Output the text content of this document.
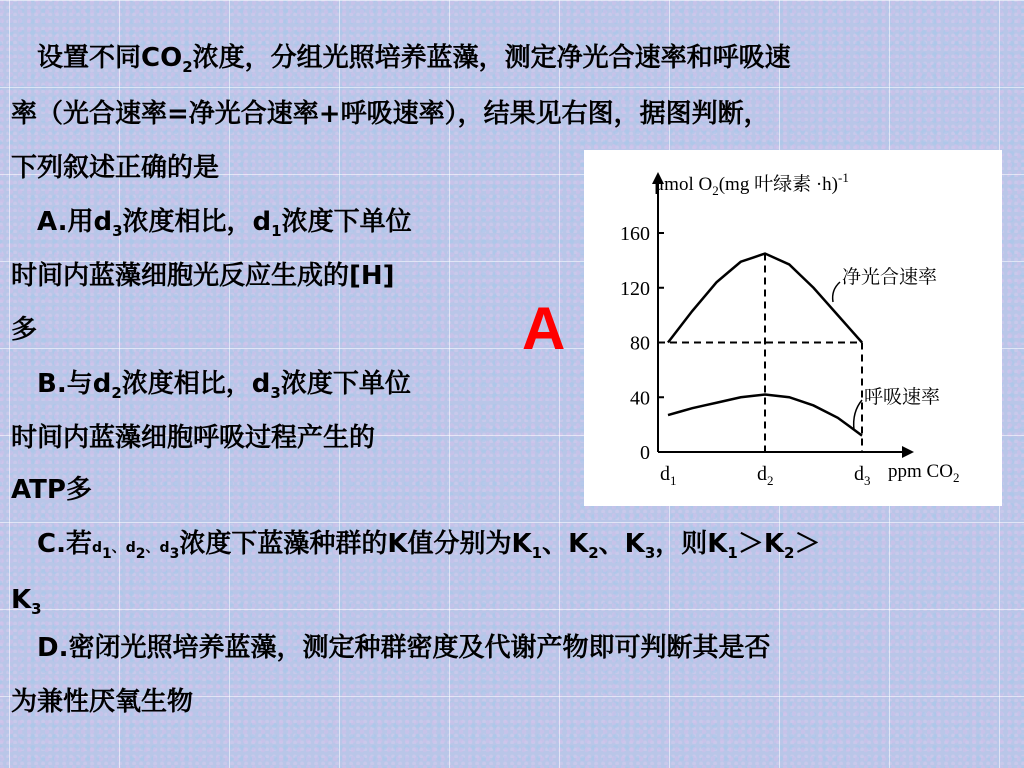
设置不同$CO_2$浓度，分组光照培养蓝藻，测定净光合速率和呼吸速

率（光合速率=净光合速率+呼吸速率），结果见右图，据图判断，

下列叙述正确的是

A.用$d_3$浓度相比，$d_1$浓度下单位

时间内蓝藻细胞光反应生成的[H]

多

B.与$d_2$浓度相比，$d_3$浓度下单位

时间内蓝藻细胞呼吸过程产生的

ATP多

C.若$d_1$、$d_2$、$d_3$浓度下蓝藻种群的K值分别为$K_1$、$K_2$、$K_3$，则$K_1>K_2>$

$K_3$

D.密闭光照培养蓝藻，测定种群密度及代谢产物即可判断其是否

为兼性厌氧生物

A
0
40
80
120
160
$d_1$	$d_2$	$d_3$
净光合速率
呼吸速率
μmol $O_2(mg$ 叶绿素 ·h)$^{-1}$
ppm $CO_2$
